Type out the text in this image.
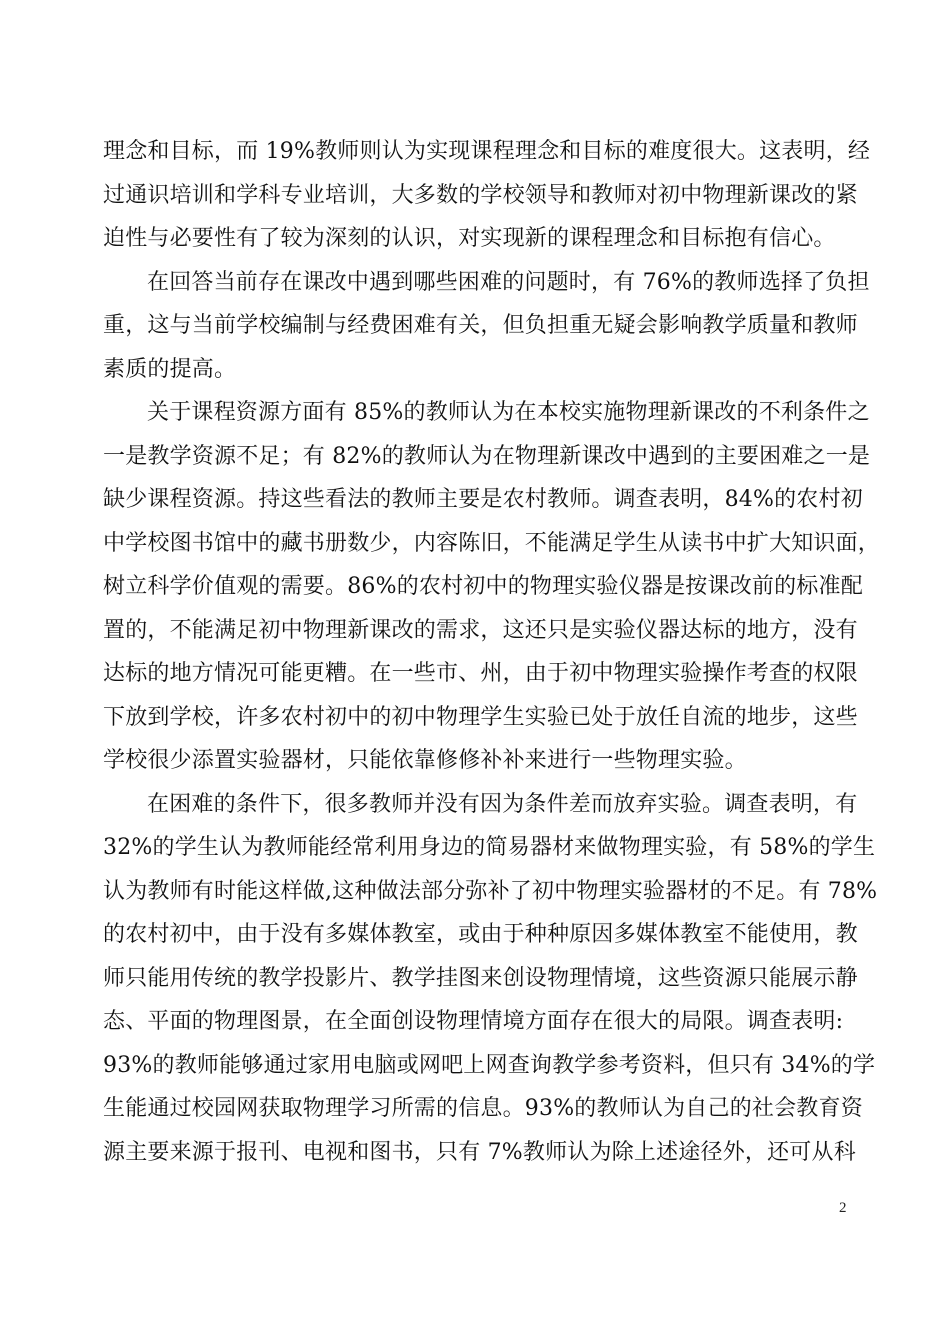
理念和目标，而 19%教师则认为实现课程理念和目标的难度很大。这表明，经
过通识培训和学科专业培训，大多数的学校领导和教师对初中物理新课改的紧
迫性与必要性有了较为深刻的认识，对实现新的课程理念和目标抱有信心。
在回答当前存在课改中遇到哪些困难的问题时，有 76%的教师选择了负担
重，这与当前学校编制与经费困难有关，但负担重无疑会影响教学质量和教师
素质的提高。
关于课程资源方面有 85%的教师认为在本校实施物理新课改的不利条件之
一是教学资源不足；有 82%的教师认为在物理新课改中遇到的主要困难之一是
缺少课程资源。持这些看法的教师主要是农村教师。调查表明，84%的农村初
中学校图书馆中的藏书册数少，内容陈旧，不能满足学生从读书中扩大知识面，
树立科学价值观的需要。86%的农村初中的物理实验仪器是按课改前的标准配
置的，不能满足初中物理新课改的需求，这还只是实验仪器达标的地方，没有
达标的地方情况可能更糟。在一些市、州，由于初中物理实验操作考查的权限
下放到学校，许多农村初中的初中物理学生实验已处于放任自流的地步，这些
学校很少添置实验器材，只能依靠修修补补来进行一些物理实验。
在困难的条件下，很多教师并没有因为条件差而放弃实验。调查表明，有
32%的学生认为教师能经常利用身边的简易器材来做物理实验，有 58%的学生
认为教师有时能这样做,这种做法部分弥补了初中物理实验器材的不足。有 78%
的农村初中，由于没有多媒体教室，或由于种种原因多媒体教室不能使用，教
师只能用传统的教学投影片、教学挂图来创设物理情境，这些资源只能展示静
态、平面的物理图景，在全面创设物理情境方面存在很大的局限。调查表明:
93%的教师能够通过家用电脑或网吧上网查询教学参考资料，但只有 34%的学
生能通过校园网获取物理学习所需的信息。93%的教师认为自己的社会教育资
源主要来源于报刊、电视和图书，只有 7%教师认为除上述途径外，还可从科
2
